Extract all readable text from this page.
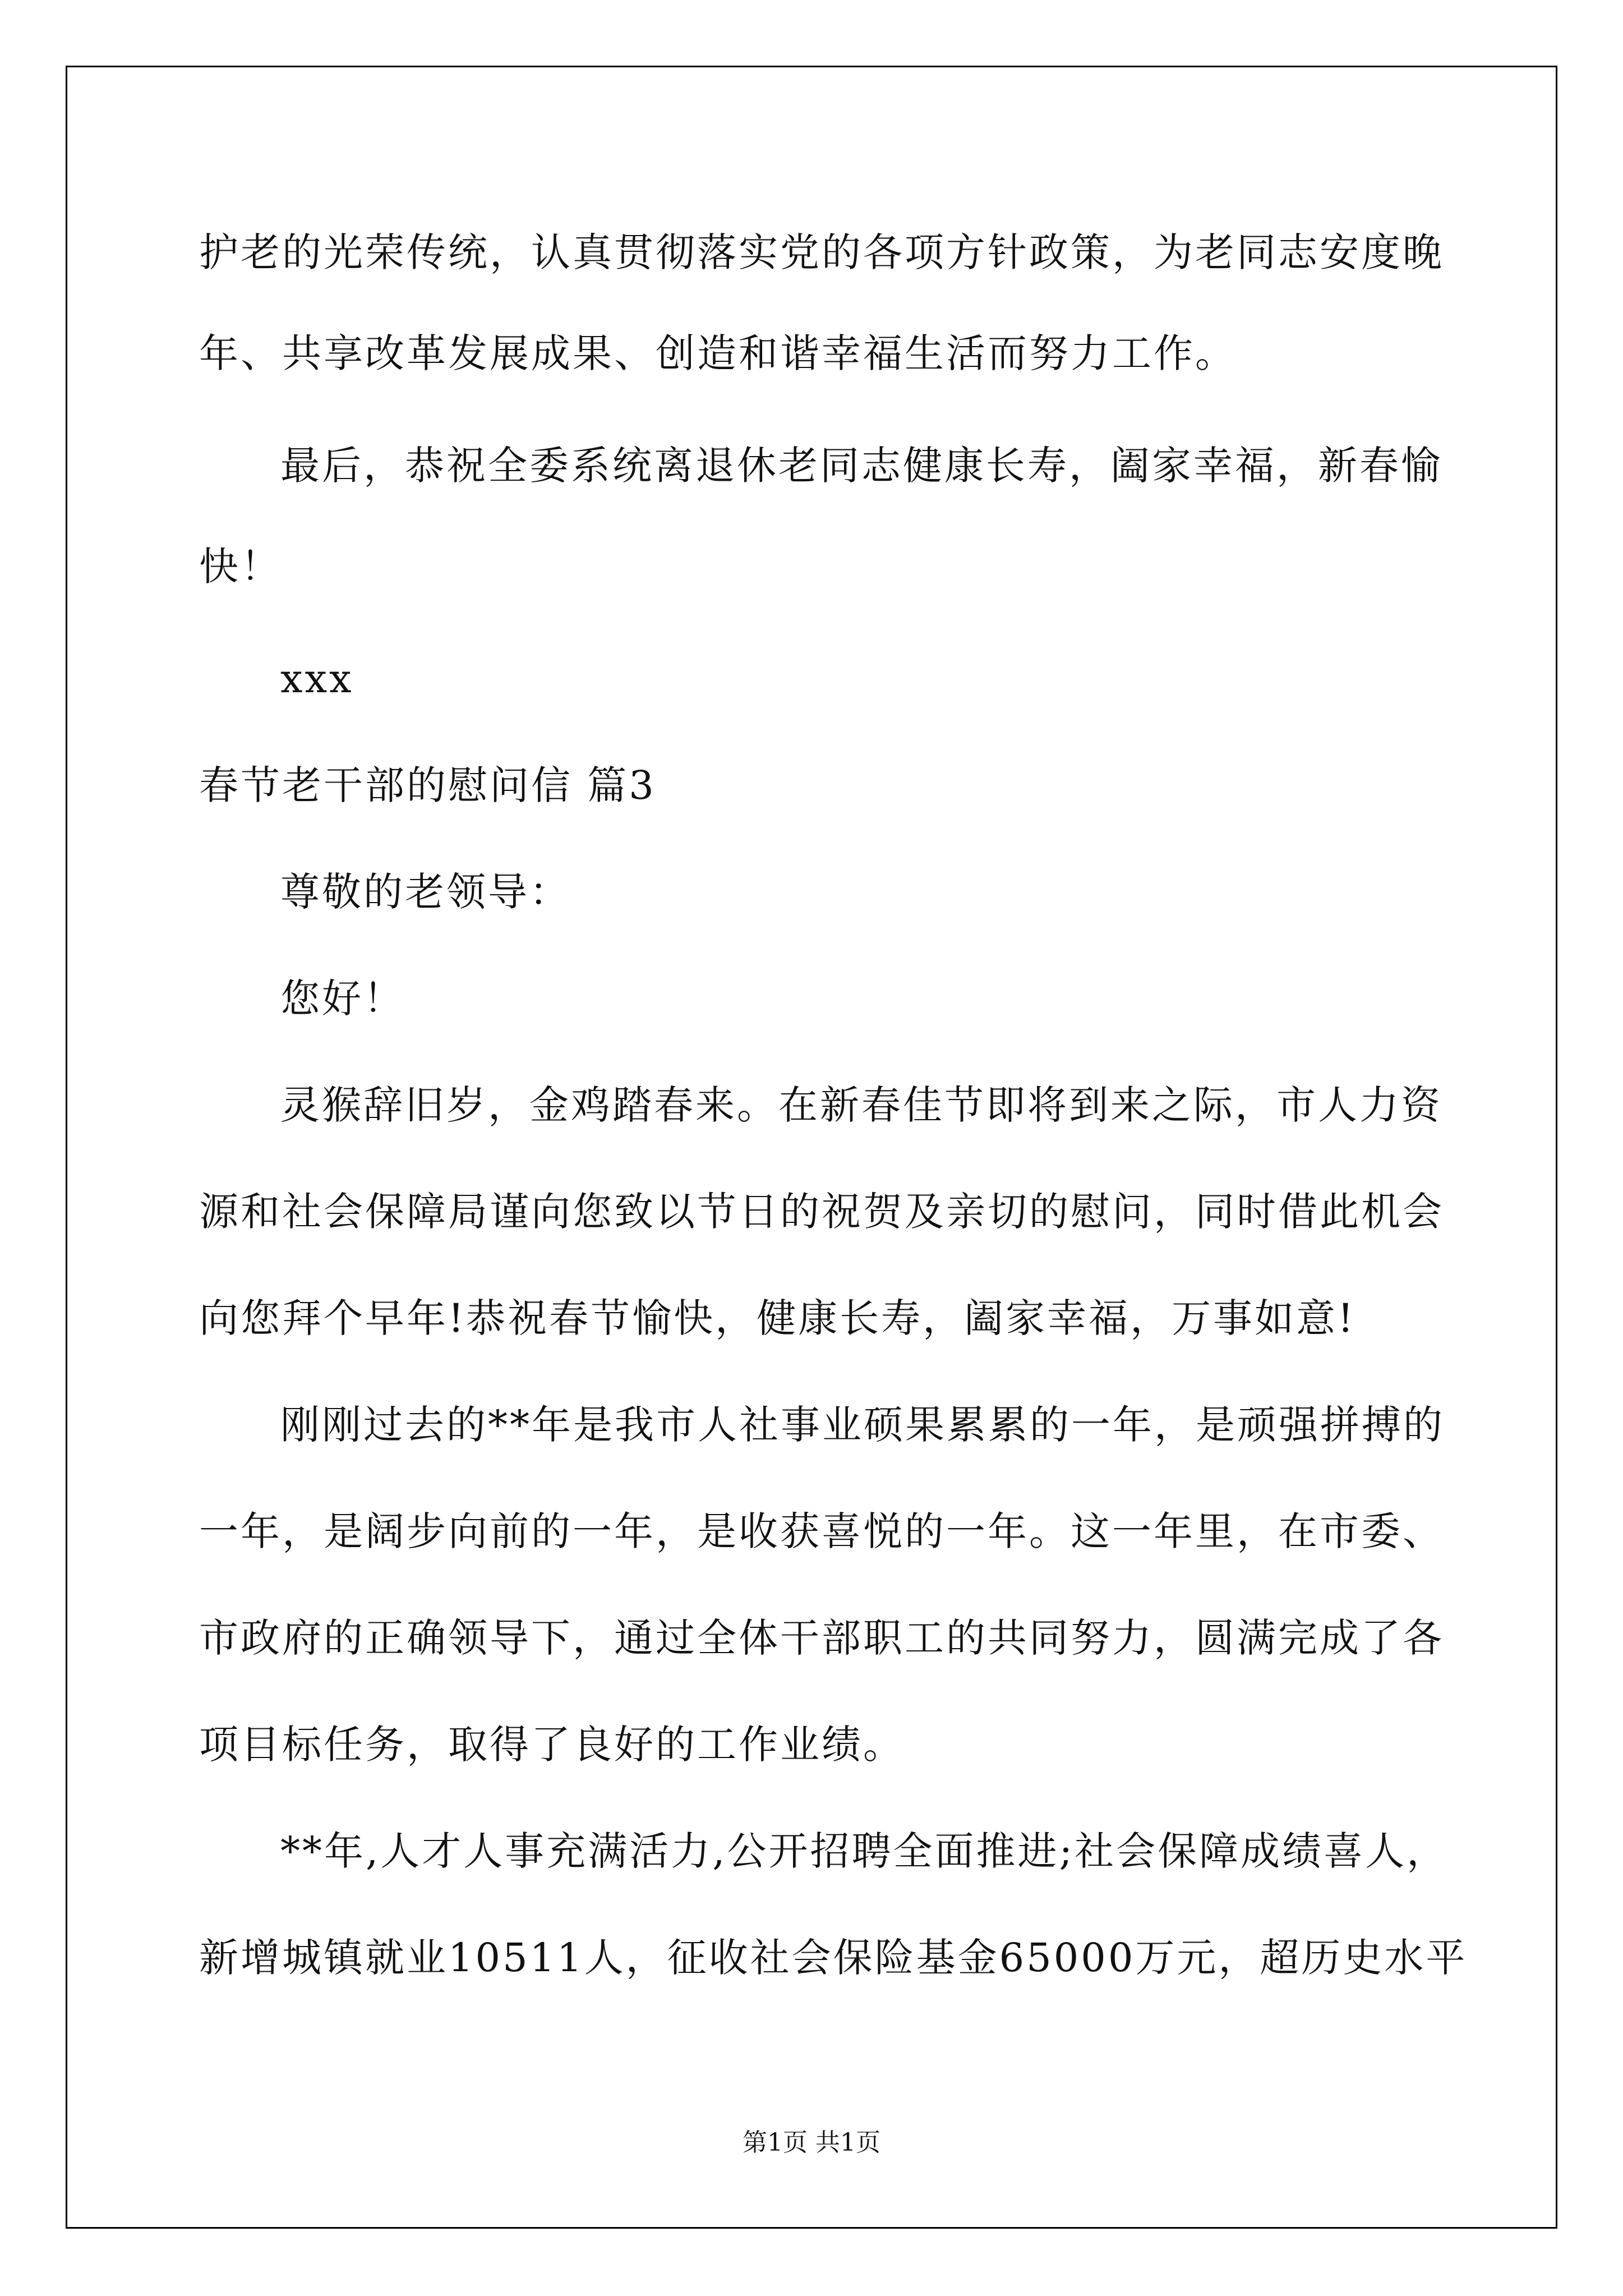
护老的光荣传统，认真贯彻落实党的各项方针政策，为老同志安度晚
年、共享改革发展成果、创造和谐幸福生活而努力工作。
最后，恭祝全委系统离退休老同志健康长寿，阖家幸福，新春愉
快！
xxx
春节老干部的慰问信 篇3
尊敬的老领导：
您好！
灵猴辞旧岁，金鸡踏春来。在新春佳节即将到来之际，市人力资
源和社会保障局谨向您致以节日的祝贺及亲切的慰问，同时借此机会
向您拜个早年!恭祝春节愉快，健康长寿，阖家幸福，万事如意!
刚刚过去的**年是我市人社事业硕果累累的一年，是顽强拼搏的
一年，是阔步向前的一年，是收获喜悦的一年。这一年里，在市委、
市政府的正确领导下，通过全体干部职工的共同努力，圆满完成了各
项目标任务，取得了良好的工作业绩。
**年,人才人事充满活力,公开招聘全面推进;社会保障成绩喜人，
新增城镇就业10511人，征收社会保险基金65000万元，超历史水平
第1页 共1页
